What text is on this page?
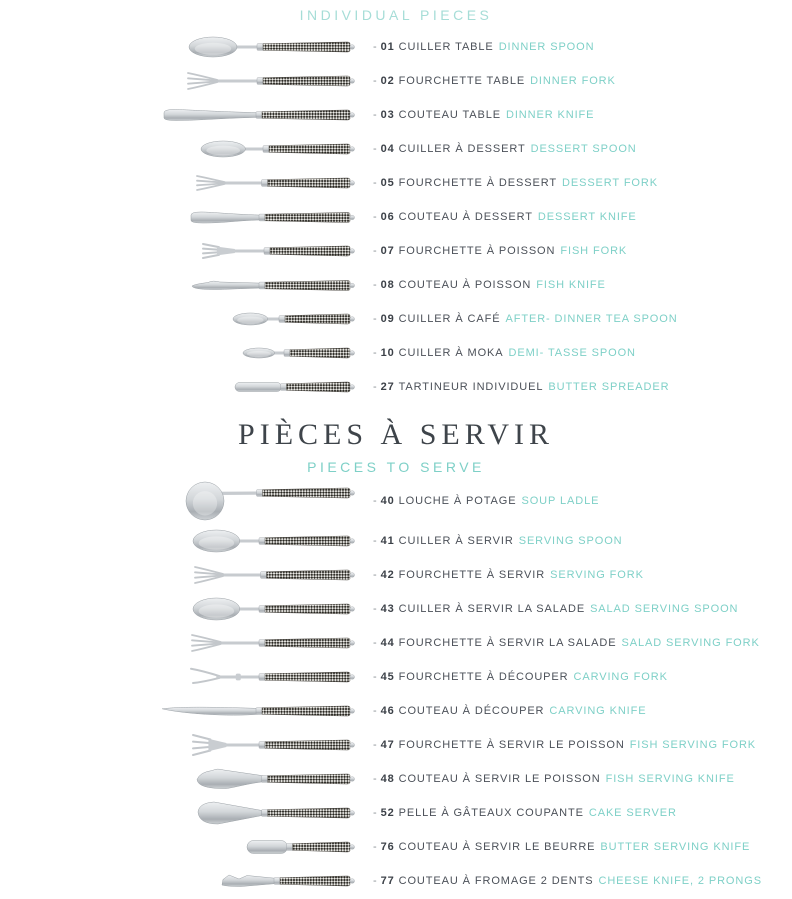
INDIVIDUAL PIECES
- 01 CUILLER TABLE DINNER SPOON
- 02 FOURCHETTE TABLE DINNER FORK
- 03 COUTEAU TABLE DINNER KNIFE
- 04 CUILLER À DESSERT DESSERT SPOON
- 05 FOURCHETTE À DESSERT DESSERT FORK
- 06 COUTEAU À DESSERT DESSERT KNIFE
- 07 FOURCHETTE À POISSON FISH FORK
- 08 COUTEAU À POISSON FISH KNIFE
- 09 CUILLER À CAFÉ AFTER- DINNER TEA SPOON
- 10 CUILLER À MOKA DEMI- TASSE SPOON
- 27 TARTINEUR INDIVIDUEL BUTTER SPREADER
PIÈCES À SERVIR
PIECES TO SERVE
- 40 LOUCHE À POTAGE SOUP LADLE
- 41 CUILLER À SERVIR SERVING SPOON
- 42 FOURCHETTE À SERVIR SERVING FORK
- 43 CUILLER À SERVIR LA SALADE SALAD SERVING SPOON
- 44 FOURCHETTE À SERVIR LA SALADE SALAD SERVING FORK
- 45 FOURCHETTE À DÉCOUPER CARVING FORK
- 46 COUTEAU À DÉCOUPER CARVING KNIFE
- 47 FOURCHETTE À SERVIR LE POISSON FISH SERVING FORK
- 48 COUTEAU À SERVIR LE POISSON FISH SERVING KNIFE
- 52 PELLE À GÂTEAUX COUPANTE CAKE SERVER
- 76 COUTEAU À SERVIR LE BEURRE BUTTER SERVING KNIFE
- 77 COUTEAU À FROMAGE 2 DENTS CHEESE KNIFE, 2 PRONGS
